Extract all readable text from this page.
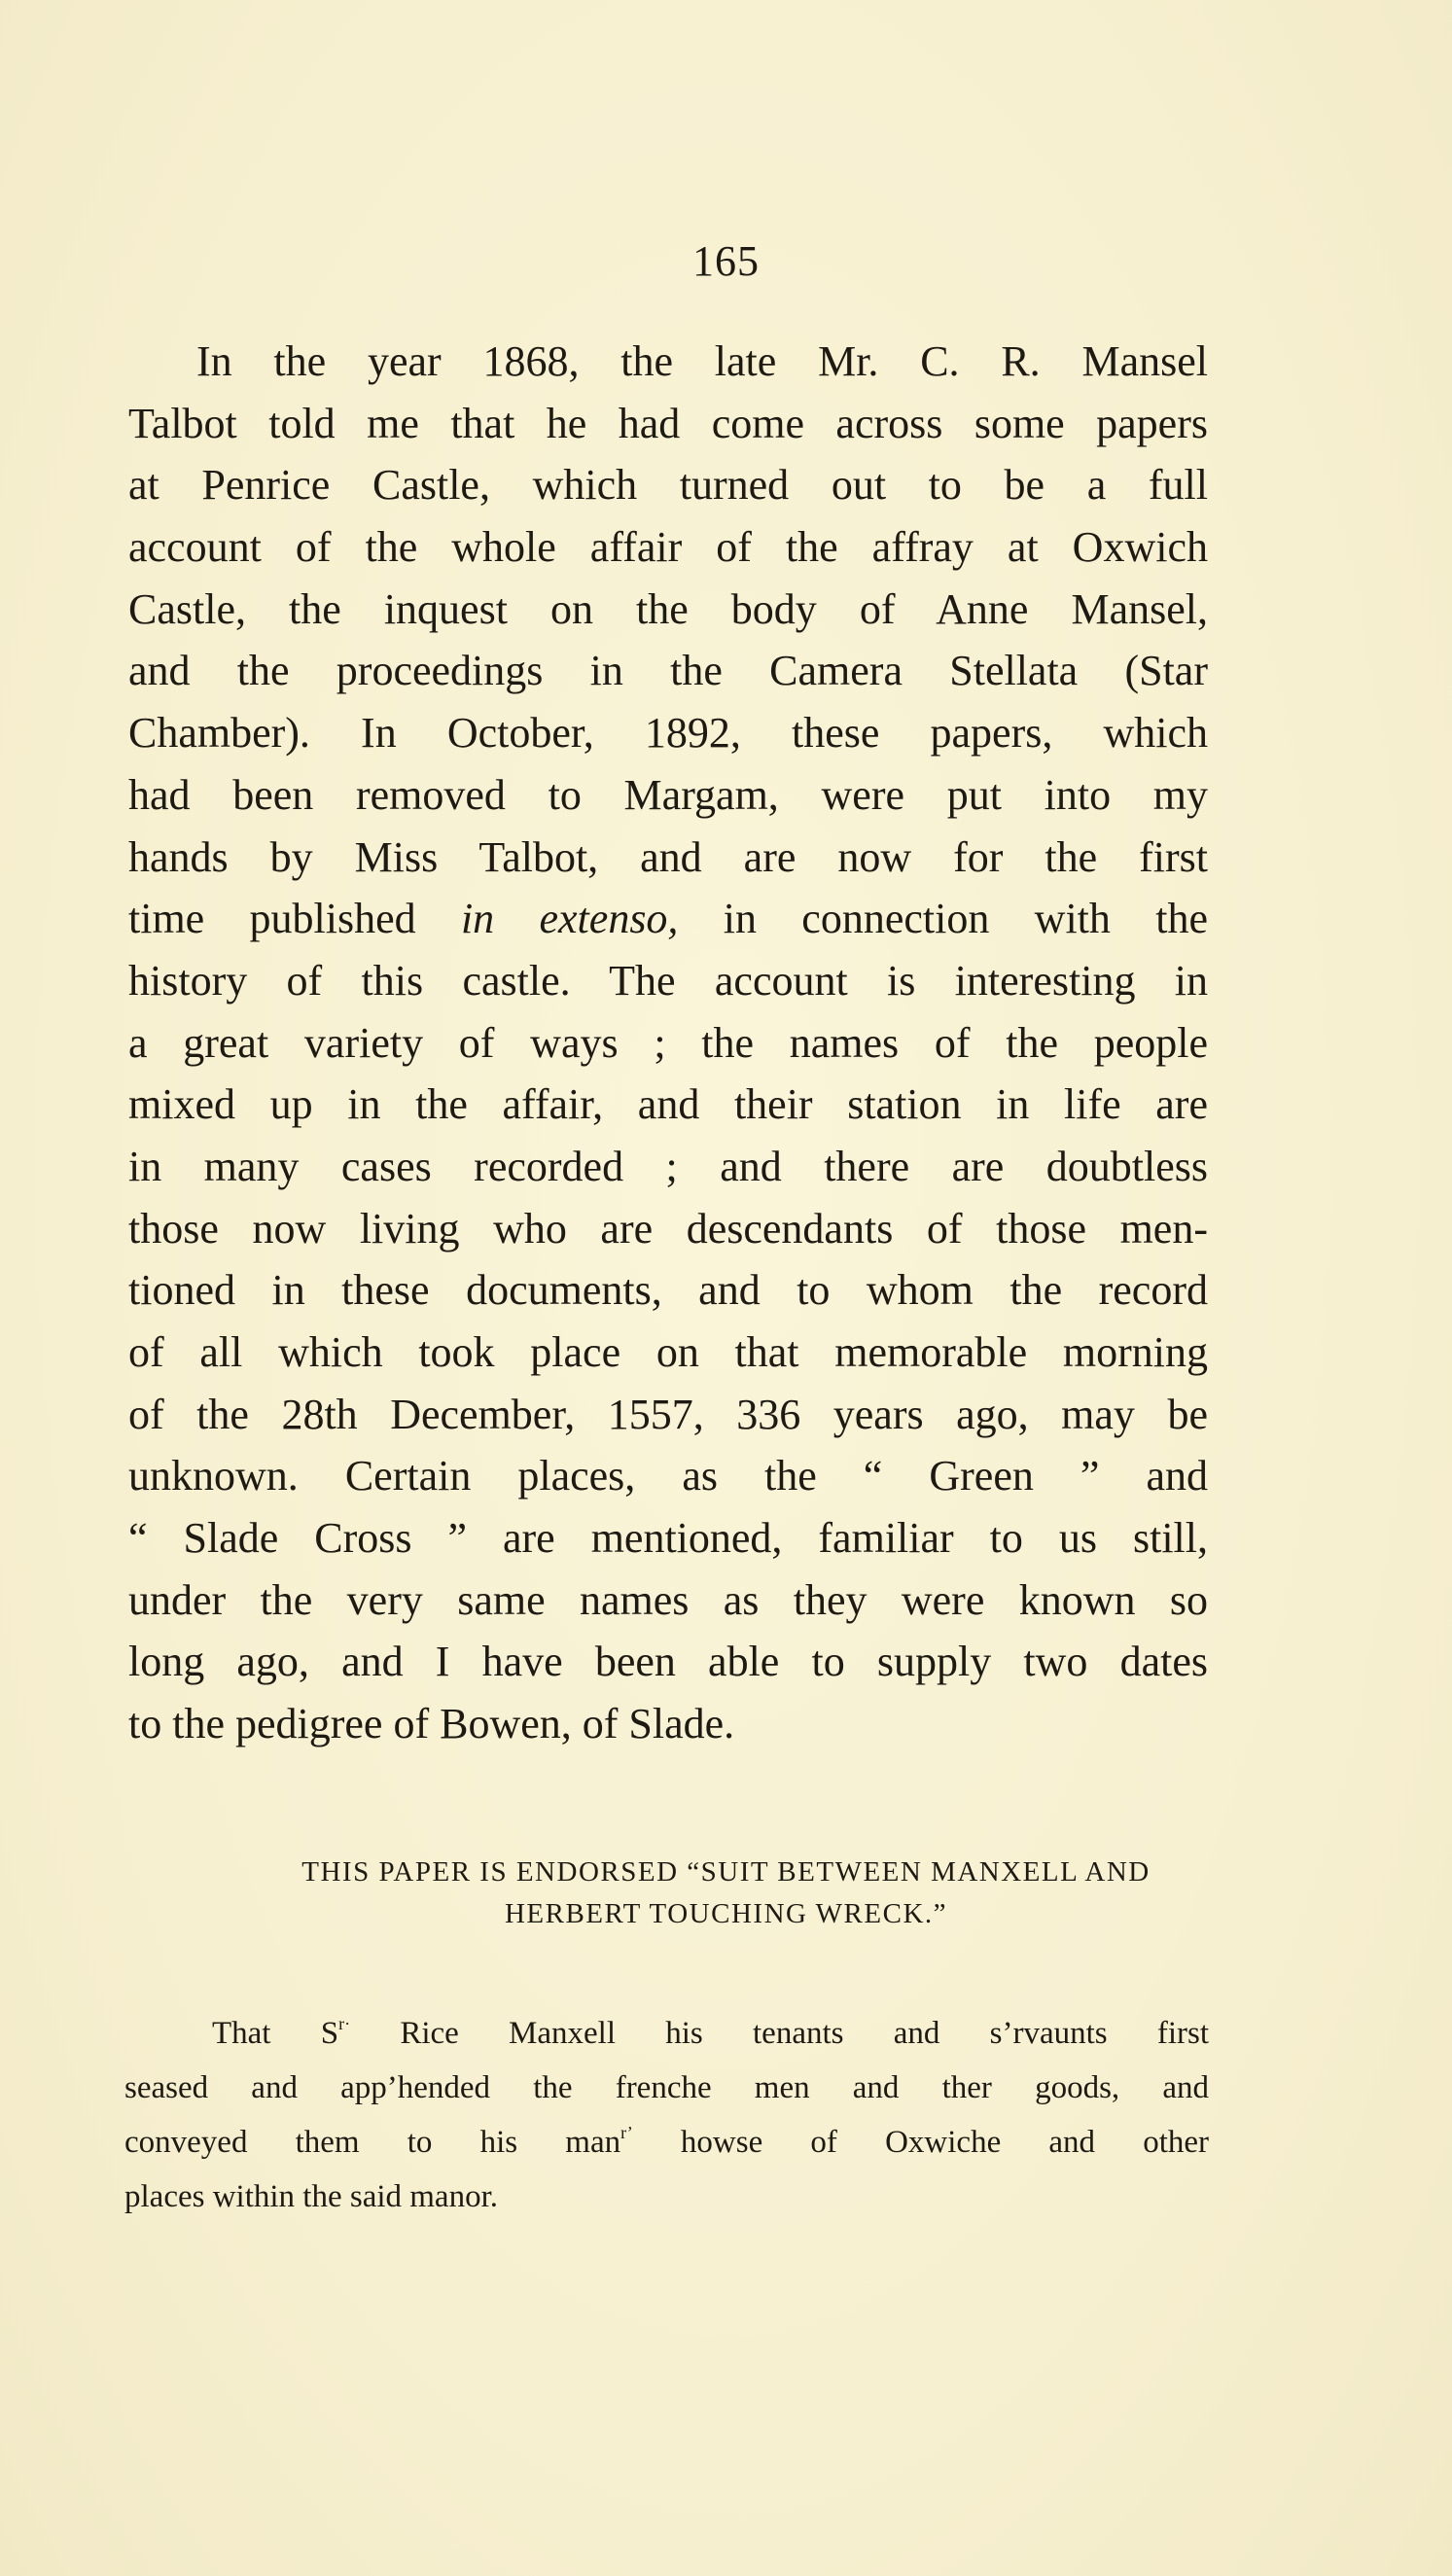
165
In the year 1868, the late Mr. C. R. Mansel
Talbot told me that he had come across some papers
at Penrice Castle, which turned out to be a full
account of the whole affair of the affray at Oxwich
Castle, the inquest on the body of Anne Mansel,
and the proceedings in the Camera Stellata (Star
Chamber). In October, 1892, these papers, which
had been removed to Margam, were put into my
hands by Miss Talbot, and are now for the first
time published in extenso, in connection with the
history of this castle. The account is interesting in
a great variety of ways ; the names of the people
mixed up in the affair, and their station in life are
in many cases recorded ; and there are doubtless
those now living who are descendants of those men-
tioned in these documents, and to whom the record
of all which took place on that memorable morning
of the 28th December, 1557, 336 years ago, may be
unknown. Certain places, as the “ Green ” and
“ Slade Cross ” are mentioned, familiar to us still,
under the very same names as they were known so
long ago, and I have been able to supply two dates
to the pedigree of Bowen, of Slade.
THIS PAPER IS ENDORSED “SUIT BETWEEN MANXELL AND
HERBERT TOUCHING WRECK.”
That $S^{r\cdot}$ Rice Manxell his tenants and s’rvaunts first
seased and app’hended the frenche men and ther goods, and
conveyed them to his man$^{r’}$ howse of Oxwiche and other
places within the said manor.
